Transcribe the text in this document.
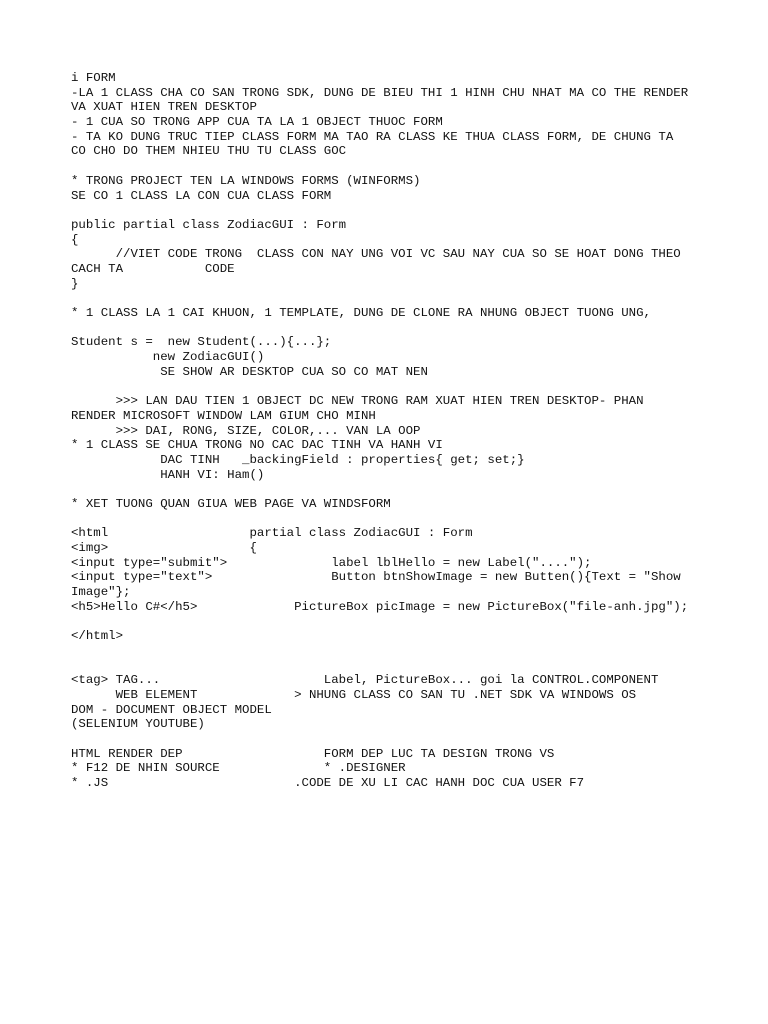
i FORM
-LA 1 CLASS CHA CO SAN TRONG SDK, DUNG DE BIEU THI 1 HINH CHU NHAT MA CO THE RENDER
VA XUAT HIEN TREN DESKTOP
- 1 CUA SO TRONG APP CUA TA LA 1 OBJECT THUOC FORM
- TA KO DUNG TRUC TIEP CLASS FORM MA TAO RA CLASS KE THUA CLASS FORM, DE CHUNG TA
CO CHO DO THEM NHIEU THU TU CLASS GOC
* TRONG PROJECT TEN LA WINDOWS FORMS (WINFORMS)
SE CO 1 CLASS LA CON CUA CLASS FORM
public partial class ZodiacGUI : Form
{
//VIET CODE TRONG  CLASS CON NAY UNG VOI VC SAU NAY CUA SO SE HOAT DONG THEO
CACH TA           CODE
}
* 1 CLASS LA 1 CAI KHUON, 1 TEMPLATE, DUNG DE CLONE RA NHUNG OBJECT TUONG UNG,
Student s =  new Student(...){...};
new ZodiacGUI()
SE SHOW AR DESKTOP CUA SO CO MAT NEN
>>> LAN DAU TIEN 1 OBJECT DC NEW TRONG RAM XUAT HIEN TREN DESKTOP- PHAN
RENDER MICROSOFT WINDOW LAM GIUM CHO MINH
>>> DAI, RONG, SIZE, COLOR,... VAN LA OOP
* 1 CLASS SE CHUA TRONG NO CAC DAC TINH VA HANH VI
DAC TINH   _backingField : properties{ get; set;}
HANH VI: Ham()
* XET TUONG QUAN GIUA WEB PAGE VA WINDSFORM
<html                   partial class ZodiacGUI : Form
<img>                   {
<input type="submit">              label lblHello = new Label("....");
<input type="text">                Button btnShowImage = new Butten(){Text = "Show
Image"};
<h5>Hello C#</h5>             PictureBox picImage = new PictureBox("file-anh.jpg");
</html>
<tag> TAG...                      Label, PictureBox... goi la CONTROL.COMPONENT
WEB ELEMENT             > NHUNG CLASS CO SAN TU .NET SDK VA WINDOWS OS
DOM - DOCUMENT OBJECT MODEL
(SELENIUM YOUTUBE)
HTML RENDER DEP                   FORM DEP LUC TA DESIGN TRONG VS
* F12 DE NHIN SOURCE              * .DESIGNER
* .JS                         .CODE DE XU LI CAC HANH DOC CUA USER F7
